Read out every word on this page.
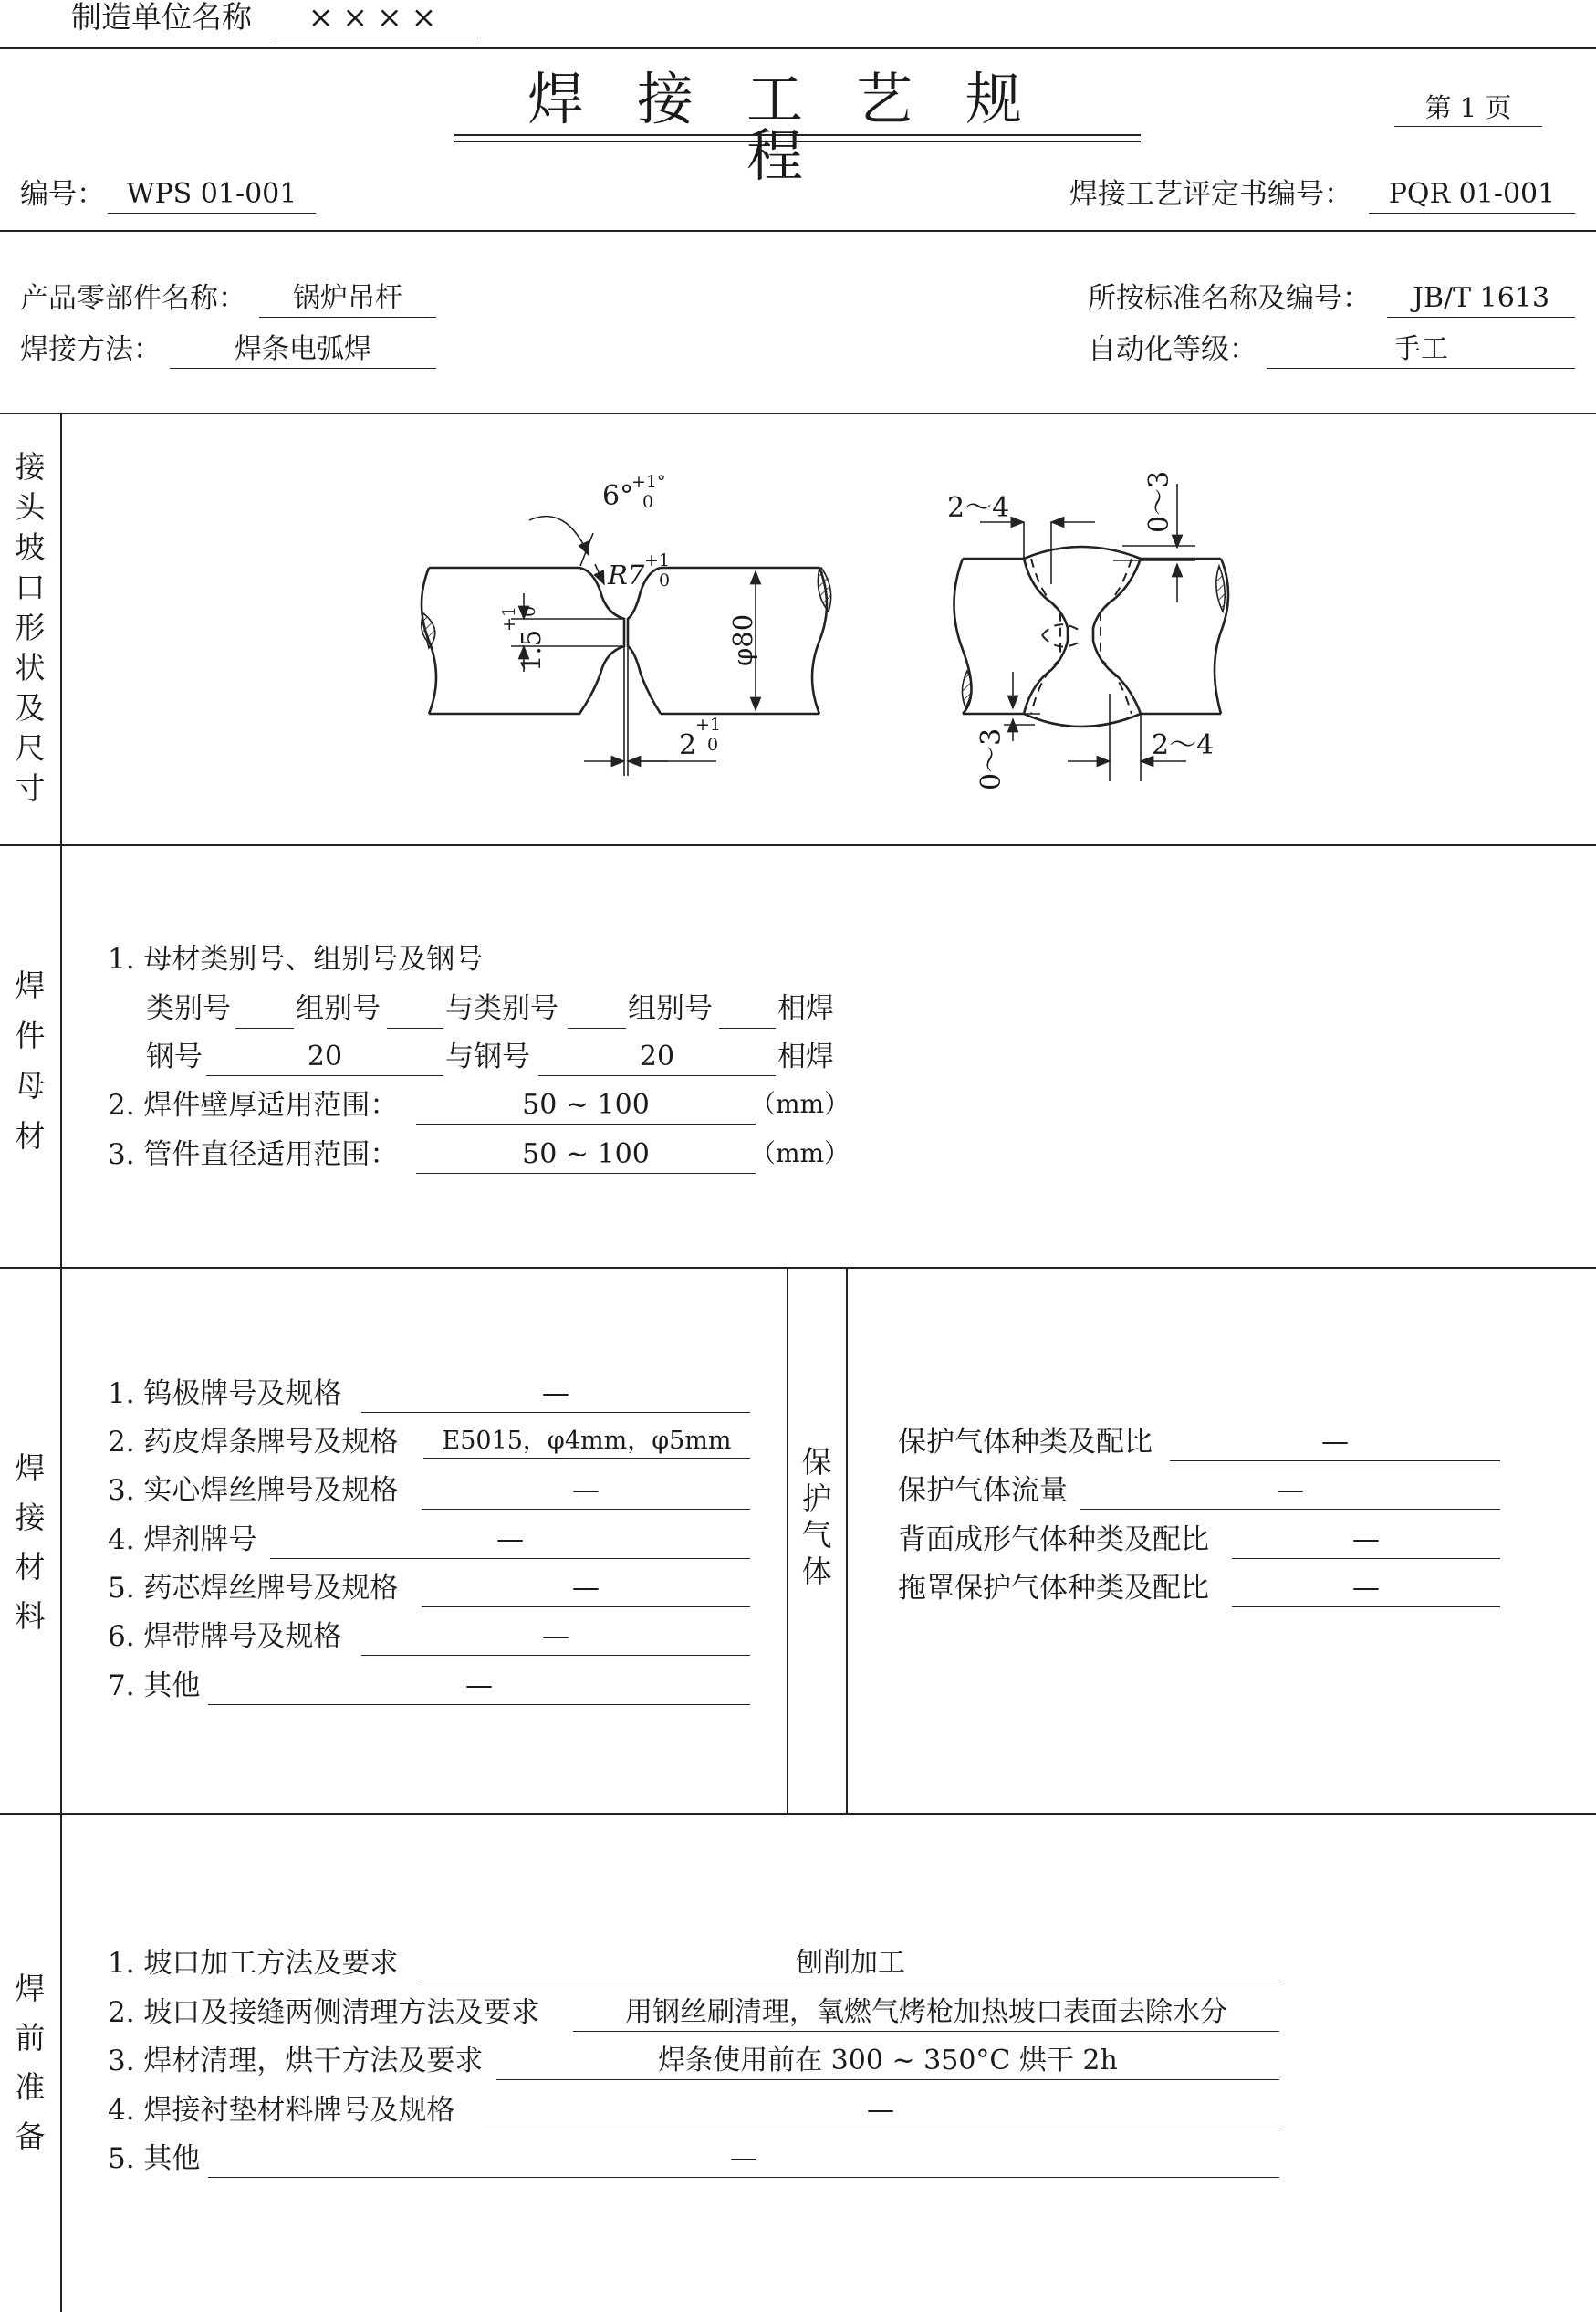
制造单位名称	××××
焊接工艺规程
第 1 页
编号： WPS 01-001	焊接工艺评定书编号：	PQR 01-001
产品零部件名称：	锅炉吊杆	所按标准名称及编号：	JB/T 1613
焊接方法：	焊条电弧焊	自动化等级：	手工
接
头
坡
口
形
状
及
尺
寸
焊
件
母
材
焊
接
材
料
保
护
气
体
焊
前
准
备
6°
+1°
0
R7 +1
0
1.5
+1 0
φ80
2
+1
0
2～4	0～3
0～3	2～4
1. 母材类别号、组别号及钢号
类别号 组别号 与类别号 组别号 相焊
钢号	20	与钢号	20	相焊
2. 焊件壁厚适用范围：	50 ~ 100	（mm）
3. 管件直径适用范围：	50 ~ 100	（mm）
1. 钨极牌号及规格	—
2. 药皮焊条牌号及规格	E5015，φ4mm，φ5mm
3. 实心焊丝牌号及规格	—
4. 焊剂牌号	—
5. 药芯焊丝牌号及规格	—
6. 焊带牌号及规格	—
7. 其他	—
保护气体种类及配比	—
保护气体流量	—
背面成形气体种类及配比	—
拖罩保护气体种类及配比	—
1. 坡口加工方法及要求	刨削加工
2. 坡口及接缝两侧清理方法及要求	用钢丝刷清理，氧燃气烤枪加热坡口表面去除水分
3. 焊材清理，烘干方法及要求	焊条使用前在 300 ~ 350°C 烘干 2h
4. 焊接衬垫材料牌号及规格	—
5. 其他	—
